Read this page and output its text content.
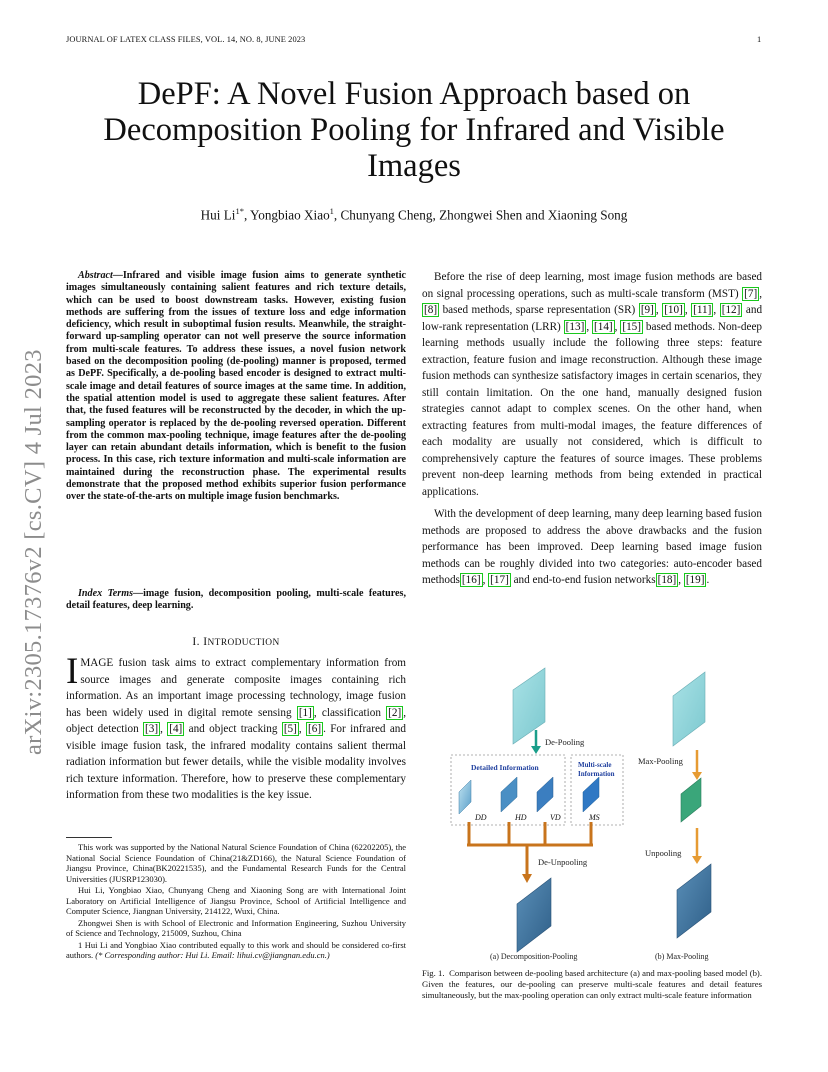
JOURNAL OF LATEX CLASS FILES, VOL. 14, NO. 8, JUNE 2023	1
arXiv:2305.17376v2 [cs.CV] 4 Jul 2023
DePF: A Novel Fusion Approach based on Decomposition Pooling for Infrared and Visible Images
Hui $Li^{1*}$, Yongbiao Xiao$^1$, Chunyang Cheng, Zhongwei Shen and Xiaoning Song
Abstract—Infrared and visible image fusion aims to generate synthetic images simultaneously containing salient features and rich texture details, which can be used to boost downstream tasks. However, existing fusion methods are suffering from the issues of texture loss and edge information deficiency, which result in suboptimal fusion results. Meanwhile, the straight-forward up-sampling operator can not well preserve the source information from multi-scale features. To address these issues, a novel fusion network based on the decomposition pooling (de-pooling) manner is proposed, termed as DePF. Specifically, a de-pooling based encoder is designed to extract multi-scale image and detail features of source images at the same time. In addition, the spatial attention model is used to aggregate these salient features. After that, the fused features will be reconstructed by the decoder, in which the up-sampling operator is replaced by the de-pooling reversed operation. Different from the common max-pooling technique, image features after the de-pooling layer can retain abundant details information, which is benefit to the fusion process. In this case, rich texture information and multi-scale information are maintained during the reconstruction phase. The experimental results demonstrate that the proposed method exhibits superior fusion performance over the state-of-the-arts on multiple image fusion benchmarks.
Index Terms—image fusion, decomposition pooling, multi-scale features, detail features, deep learning.
I. INTRODUCTION
IMAGE fusion task aims to extract complementary information from source images and generate composite images containing rich information. As an important image processing technology, image fusion has been widely used in digital remote sensing [1] , classification [2] , object detection [3] , [4] and object tracking [5] , [6] . For infrared and visible image fusion task, the infrared modality contains salient thermal radiation information but fewer details, while the visible modality involves rich texture information. Therefore, how to preserve these complementary information from these two modalities is the key issue.

This work was supported by the National Natural Science Foundation of China (62202205), the National Social Science Foundation of China(21&ZD166), the Natural Science Foundation of Jiangsu Province, China(BK20221535), and the Fundamental Research Funds for the Central Universities (JUSRP123030).

Hui Li, Yongbiao Xiao, Chunyang Cheng and Xiaoning Song are with International Joint Laboratory on Artificial Intelligence of Jiangsu Province, School of Artificial Intelligence and Computer Science, Jiangnan University, 214122, Wuxi, China.

Zhongwei Shen is with School of Electronic and Information Engineering, Suzhou University of Science and Technology, 215009, Suzhou, China

1 Hui Li and Yongbiao Xiao contributed equally to this work and should be considered co-first authors. (* Corresponding author: Hui Li. Email: lihui.cv@jiangnan.edu.cn.)

Before the rise of deep learning, most image fusion methods are based on signal processing operations, such as multi-scale transform (MST) [7] , [8] based methods, sparse representation (SR) [9] , [10] , [11] , [12] and low-rank representation (LRR) [13] , [14] , [15] based methods. Non-deep learning methods usually include the following three steps: feature extraction, feature fusion and image reconstruction. Although these image fusion methods can synthesize satisfactory images in certain scenarios, they still contain limitation. On the one hand, manually designed fusion strategies cannot adapt to complex scenes. On the other hand, when extracting features from multi-modal images, the feature differences of each modality are usually not considered, which is difficult to comprehensively capture the features of source images. These problems prevent non-deep learning methods from being extended in practical applications.

With the development of deep learning, many deep learning based fusion methods are proposed to address the above drawbacks and the fusion performance has been improved. Deep learning based image fusion methods can be roughly divided into two categories: auto-encoder based methods [16] , [17] and end-to-end fusion networks [18] , [19] .

De-Pooling
Detailed Information	Multi-scale
Information
DD	HD	VD	MS
De-Unpooling
Max-Pooling
Unpooling
(a) Decomposition-Pooling	(b) Max-Pooling
Fig. 1. Comparison between de-pooling based architecture (a) and max-pooling based model (b). Given the features, our de-pooling can preserve multi-scale features and detail features simultaneously, but the max-pooling operation can only extract multi-scale feature information
